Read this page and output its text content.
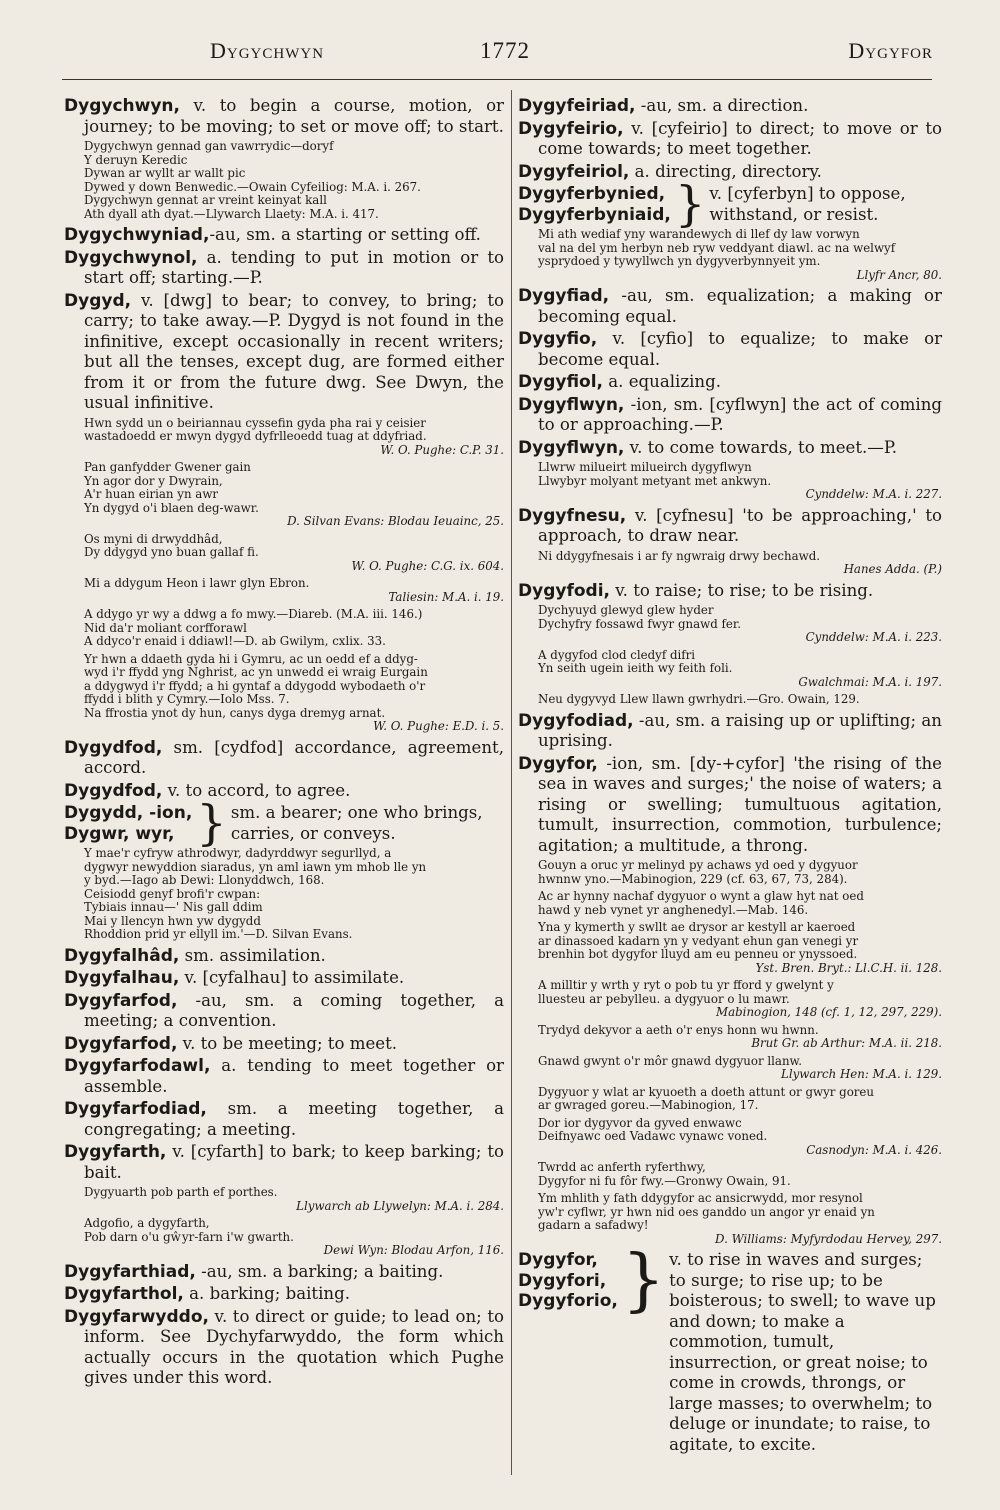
Dygychwyn	1772	Dygyfor

Dygychwyn, v. to begin a course, motion, or journey; to be moving; to set or move off; to start.

Dygychwyn gennad gan vawrrydic—doryf
Y deruyn Keredic
Dywan ar wyllt ar wallt pic
Dywed y down Benwedic.—Owain Cyfeiliog: M.A. i. 267.
Dygychwyn gennat ar vreint keinyat kall
Ath dyall ath dyat.—Llywarch Llaety: M.A. i. 417.

Dygychwyniad,-au, sm. a starting or setting off.

Dygychwynol, a. tending to put in motion or to start off; starting.—P.

Dygyd, v. [dwg] to bear; to convey, to bring; to carry; to take away.—P. Dygyd is not found in the infinitive, except occasionally in recent writers; but all the tenses, except dug, are formed either from it or from the future dwg. See Dwyn, the usual infinitive.

Hwn sydd un o beiriannau cyssefin gyda pha rai y ceisier
wastadoedd er mwyn dygyd dyfrlleoedd tuag at ddyfriad.
W. O. Pughe: C.P. 31.
Pan ganfydder Gwener gain
Yn agor dor y Dwyrain,
A'r huan eirian yn awr
Yn dygyd o'i blaen deg-wawr.
D. Silvan Evans: Blodau Ieuainc, 25.
Os myni di drwyddhâd,
Dy ddygyd yno buan gallaf fi.
W. O. Pughe: C.G. ix. 604.
Mi a ddygum Heon i lawr glyn Ebron.
Taliesin: M.A. i. 19.
A ddygo yr wy a ddwg a fo mwy.—Diareb. (M.A. iii. 146.)
Nid da'r moliant corfforawl
A ddyco'r enaid i ddiawl!—D. ab Gwilym, cxlix. 33.
Yr hwn a ddaeth gyda hi i Gymru, ac un oedd ef a ddyg-
wyd i'r ffydd yng Nghrist, ac yn unwedd ei wraig Eurgain
a ddygwyd i'r ffydd; a hi gyntaf a ddygodd wybodaeth o'r
ffydd i blith y Cymry.—Iolo Mss. 7.
Na ffrostia ynot dy hun, canys dyga dremyg arnat.
W. O. Pughe: E.D. i. 5.

Dygydfod, sm. [cydfod] accordance, agreement, accord.

Dygydfod, v. to accord, to agree.

Dygydd, -ion,
Dygwr, wyr, } sm. a bearer; one who brings, carries, or conveys.
Y mae'r cyfryw athrodwyr, dadyrddwyr segurllyd, a
dygwyr newyddion siaradus, yn aml iawn ym mhob lle yn
y byd.—Iago ab Dewi: Llonyddwch, 168.
Ceisiodd genyf brofi'r cwpan:
Tybiais innau—' Nis gall ddim
Mai y llencyn hwn yw dygydd
Rhoddion prid yr ellyll im.'—D. Silvan Evans.

Dygyfalhâd, sm. assimilation.

Dygyfalhau, v. [cyfalhau] to assimilate.

Dygyfarfod, -au, sm. a coming together, a meeting; a convention.

Dygyfarfod, v. to be meeting; to meet.

Dygyfarfodawl, a. tending to meet together or assemble.

Dygyfarfodiad, sm. a meeting together, a congregating; a meeting.

Dygyfarth, v. [cyfarth] to bark; to keep barking; to bait.

Dygyuarth pob parth ef porthes.
Llywarch ab Llywelyn: M.A. i. 284.
Adgofio, a dygyfarth,
Pob darn o'u gŵyr-farn i'w gwarth.
Dewi Wyn: Blodau Arfon, 116.

Dygyfarthiad, -au, sm. a barking; a baiting.

Dygyfarthol, a. barking; baiting.

Dygyfarwyddo, v. to direct or guide; to lead on; to inform. See Dychyfarwyddo, the form which actually occurs in the quotation which Pughe gives under this word.

Dygyfeiriad, -au, sm. a direction.

Dygyfeirio, v. [cyfeirio] to direct; to move or to come towards; to meet together.

Dygyfeiriol, a. directing, directory.

Dygyferbynied,
Dygyferbyniaid, } v. [cyferbyn] to oppose, withstand, or resist.
Mi ath wediaf yny warandewych di llef dy law vorwyn
val na del ym herbyn neb ryw veddyant diawl. ac na welwyf
ysprydoed y tywyllwch yn dygyverbynnyeit ym.
Llyfr Ancr, 80.

Dygyfiad, -au, sm. equalization; a making or becoming equal.

Dygyfio, v. [cyfio] to equalize; to make or become equal.

Dygyfiol, a. equalizing.

Dygyflwyn, -ion, sm. [cyflwyn] the act of coming to or approaching.—P.

Dygyflwyn, v. to come towards, to meet.—P.

Llwrw milueirt milueirch dygyflwyn
Llwybyr molyant metyant met ankwyn.
Cynddelw: M.A. i. 227.

Dygyfnesu, v. [cyfnesu] 'to be approaching,' to approach, to draw near.

Ni ddygyfnesais i ar fy ngwraig drwy bechawd.
Hanes Adda. (P.)

Dygyfodi, v. to raise; to rise; to be rising.

Dychyuyd glewyd glew hyder
Dychyfry fossawd fwyr gnawd fer.
Cynddelw: M.A. i. 223.
A dygyfod clod cledyf difri
Yn seith ugein ieith wy feith foli.
Gwalchmai: M.A. i. 197.
Neu dygyvyd Llew llawn gwrhydri.—Gro. Owain, 129.

Dygyfodiad, -au, sm. a raising up or uplifting; an uprising.

Dygyfor, -ion, sm. [dy-+cyfor] 'the rising of the sea in waves and surges;' the noise of waters; a rising or swelling; tumultuous agitation, tumult, insurrection, commotion, turbulence; agitation; a multitude, a throng.

Gouyn a oruc yr melinyd py achaws yd oed y dygyuor
hwnnw yno.—Mabinogion, 229 (cf. 63, 67, 73, 284).
Ac ar hynny nachaf dygyuor o wynt a glaw hyt nat oed
hawd y neb vynet yr anghenedyl.—Mab. 146.
Yna y kymerth y swllt ae drysor ar kestyll ar kaeroed
ar dinassoed kadarn yn y vedyant ehun gan venegi yr
brenhin bot dygyfor lluyd am eu penneu or ynyssoed.
Yst. Bren. Bryt.: Ll.C.H. ii. 128.
A milltir y wrth y ryt o pob tu yr fford y gwelynt y
lluesteu ar pebylleu. a dygyuor o lu mawr.
Mabinogion, 148 (cf. 1, 12, 297, 229).
Trydyd dekyvor a aeth o'r enys honn wu hwnn.
Brut Gr. ab Arthur: M.A. ii. 218.
Gnawd gwynt o'r môr gnawd dygyuor llanw.
Llywarch Hen: M.A. i. 129.
Dygyuor y wlat ar kyuoeth a doeth attunt or gwyr goreu
ar gwraged goreu.—Mabinogion, 17.
Dor ior dygyvor da gyved enwawc
Deifnyawc oed Vadawc vynawc voned.
Casnodyn: M.A. i. 426.
Twrdd ac anferth ryferthwy,
Dygyfor ni fu fôr fwy.—Gronwy Owain, 91.
Ym mhlith y fath ddygyfor ac ansicrwydd, mor resynol
yw'r cyflwr, yr hwn nid oes ganddo un angor yr enaid yn
gadarn a safadwy!
D. Williams: Myfyrdodau Hervey, 297.
Dygyfor,
Dygyfori,
Dygyforio, } v. to rise in waves and surges; to surge; to rise up; to be boisterous; to swell; to wave up and down; to make a commotion, tumult, insurrection, or great noise; to come in crowds, throngs, or large masses; to overwhelm; to deluge or inundate; to raise, to agitate, to excite.
